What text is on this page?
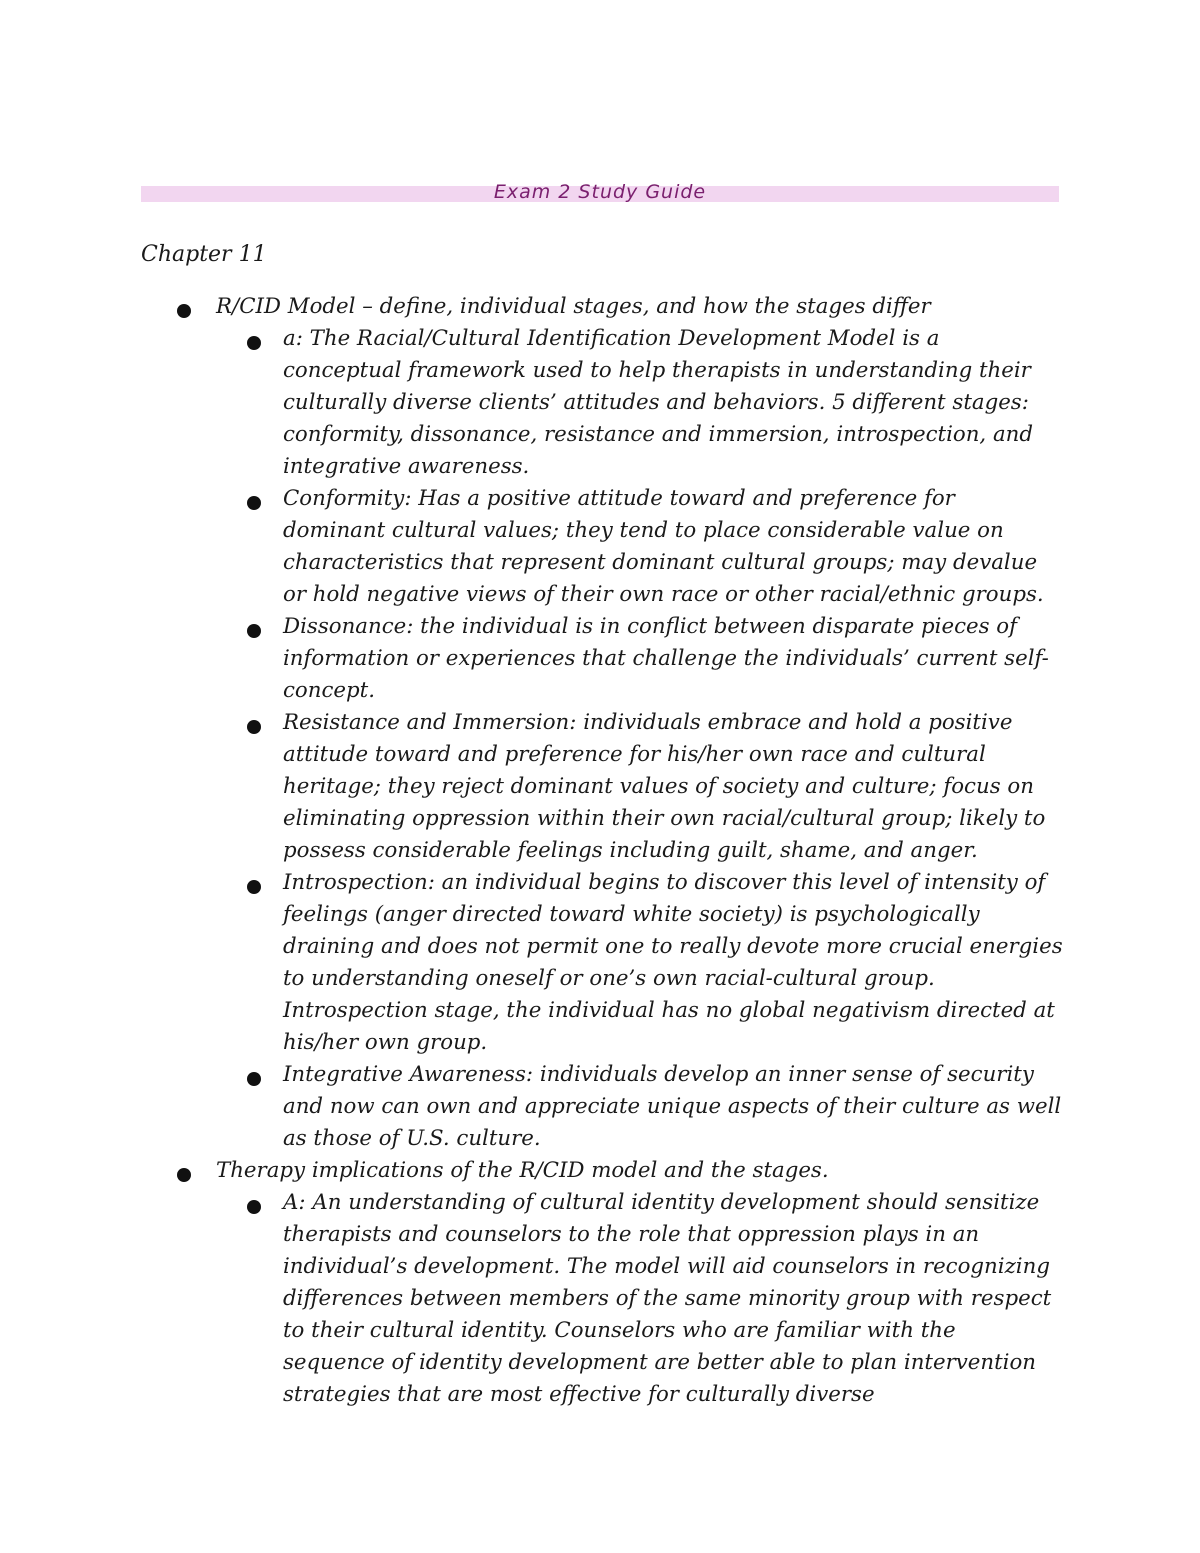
Exam 2 Study Guide
Chapter 11
R/CID Model – define, individual stages, and how the stages differ
a: The Racial/Cultural Identification Development Model is a conceptual framework used to help therapists in understanding their culturally diverse clients’ attitudes and behaviors. 5 different stages: conformity, dissonance, resistance and immersion, introspection, and integrative awareness.
Conformity: Has a positive attitude toward and preference for dominant cultural values; they tend to place considerable value on characteristics that represent dominant cultural groups; may devalue or hold negative views of their own race or other racial/ethnic groups.
Dissonance: the individual is in conflict between disparate pieces of information or experiences that challenge the individuals’ current self-concept.
Resistance and Immersion: individuals embrace and hold a positive attitude toward and preference for his/her own race and cultural heritage; they reject dominant values of society and culture; focus on eliminating oppression within their own racial/cultural group; likely to possess considerable feelings including guilt, shame, and anger.
Introspection: an individual begins to discover this level of intensity of feelings (anger directed toward white society) is psychologically draining and does not permit one to really devote more crucial energies to understanding oneself or one’s own racial-cultural group. Introspection stage, the individual has no global negativism directed at his/her own group.
Integrative Awareness: individuals develop an inner sense of security and now can own and appreciate unique aspects of their culture as well as those of U.S. culture.
Therapy implications of the R/CID model and the stages.
A: An understanding of cultural identity development should sensitize therapists and counselors to the role that oppression plays in an individual’s development. The model will aid counselors in recognizing differences between members of the same minority group with respect to their cultural identity. Counselors who are familiar with the sequence of identity development are better able to plan intervention strategies that are most effective for culturally diverse
